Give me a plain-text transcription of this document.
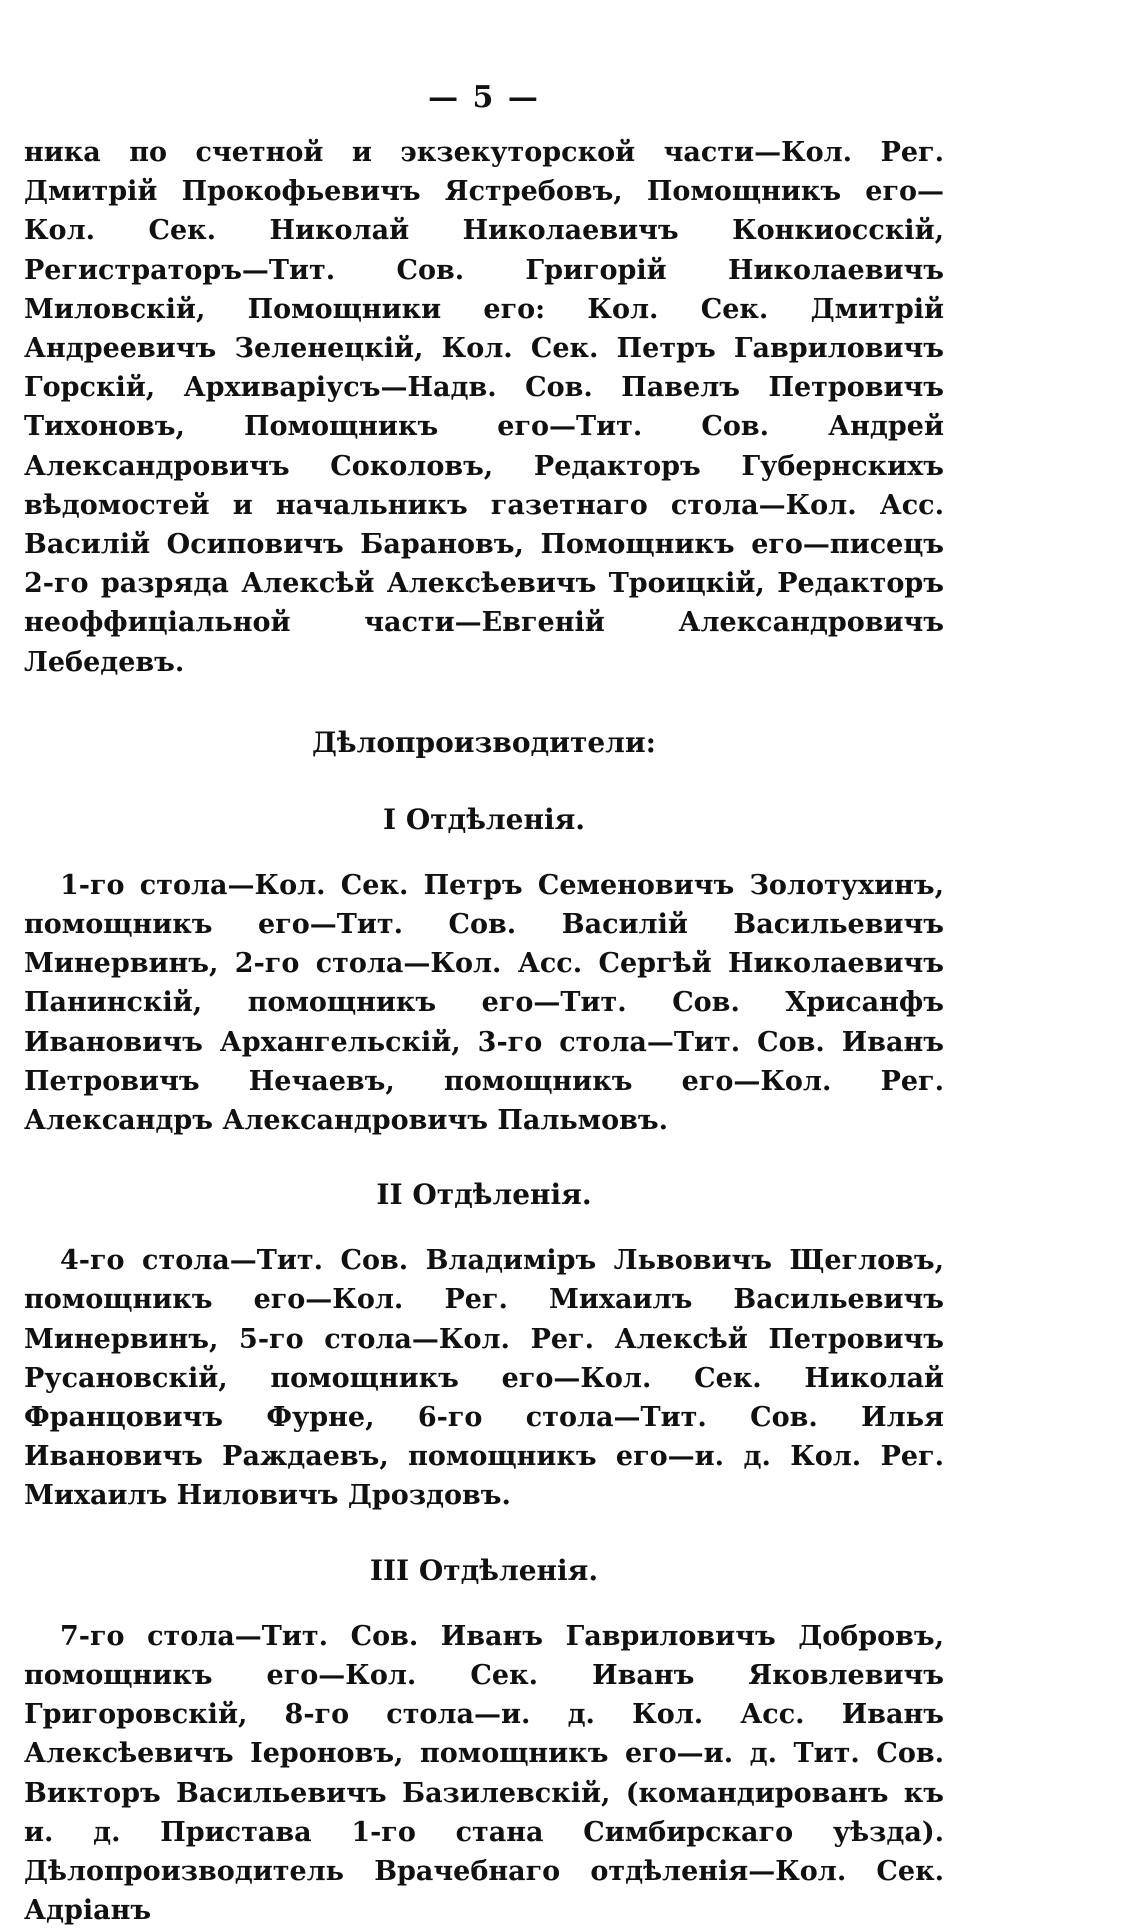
— 5 —

ника по счетной и экзекуторской части—Кол. Рег. Дмитрій Прокофьевичъ Ястребовъ, Помощникъ его—Кол. Сек. Николай Николаевичъ Конкиосскій, Регистраторъ—Тит. Сов. Григорій Николаевичъ Миловскій, Помощники его: Кол. Сек. Дмитрій Андреевичъ Зеленецкій, Кол. Сек. Петръ Гавриловичъ Горскій, Архиваріусъ—Надв. Сов. Павелъ Петровичъ Тихоновъ, Помощникъ его—Тит. Сов. Андрей Александровичъ Соколовъ, Редакторъ Губернскихъ вѣдомостей и начальникъ газетнаго стола—Кол. Асс. Василій Осиповичъ Барановъ, Помощникъ его—писецъ 2-го разряда Алексѣй Алексѣевичъ Троицкій, Редакторъ неоффиціальной части—Евгеній Александровичъ Лебедевъ.

Дѣлопроизводители:
I Отдѣленія.

1-го стола—Кол. Сек. Петръ Семеновичъ Золотухинъ, помощникъ его—Тит. Сов. Василій Васильевичъ Минервинъ, 2-го стола—Кол. Асс. Сергѣй Николаевичъ Панинскій, помощникъ его—Тит. Сов. Хрисанфъ Ивановичъ Архангельскій, 3-го стола—Тит. Сов. Иванъ Петровичъ Нечаевъ, помощникъ его—Кол. Рег. Александръ Александровичъ Пальмовъ.

II Отдѣленія.

4-го стола—Тит. Сов. Владиміръ Львовичъ Щегловъ, помощникъ его—Кол. Рег. Михаилъ Васильевичъ Минервинъ, 5-го стола—Кол. Рег. Алексѣй Петровичъ Русановскій, помощникъ его—Кол. Сек. Николай Францовичъ Фурне, 6-го стола—Тит. Сов. Илья Ивановичъ Раждаевъ, помощникъ его—и. д. Кол. Рег. Михаилъ Ниловичъ Дроздовъ.

III Отдѣленія.

7-го стола—Тит. Сов. Иванъ Гавриловичъ Добровъ, помощникъ его—Кол. Сек. Иванъ Яковлевичъ Григоровскій, 8-го стола—и. д. Кол. Асс. Иванъ Алексѣевичъ Іероновъ, помощникъ его—и. д. Тит. Сов. Викторъ Васильевичъ Базилевскій, (командированъ къ и. д. Пристава 1-го стана Симбирскаго уѣзда). Дѣлопроизводитель Врачебнаго отдѣленія—Кол. Сек. Адріанъ
